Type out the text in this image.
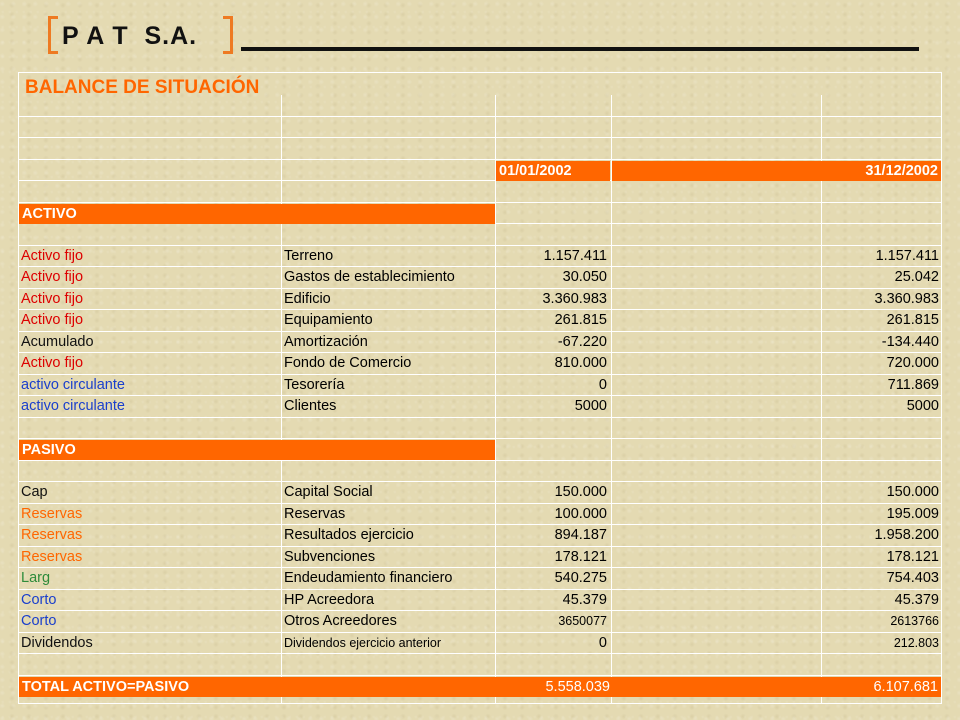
P A T  S.A.
BALANCE DE SITUACIÓN
01/01/2002	31/12/2002
ACTIVO
Activo fijo	Terreno	1.157.411	1.157.411
Activo fijo	Gastos de establecimiento	30.050	25.042
Activo fijo	Edificio	3.360.983	3.360.983
Activo fijo	Equipamiento	261.815	261.815
Acumulado	Amortización	-67.220	-134.440
Activo fijo	Fondo de Comercio	810.000	720.000
activo circulante	Tesorería	0	711.869
activo circulante	Clientes	5000	5000
PASIVO
Cap	Capital Social	150.000	150.000
Reservas	Reservas	100.000	195.009
Reservas	Resultados ejercicio	894.187	1.958.200
Reservas	Subvenciones	178.121	178.121
Larg	Endeudamiento financiero	540.275	754.403
Corto	HP Acreedora	45.379	45.379
Corto	Otros Acreedores	3650077	2613766
Dividendos	Dividendos ejercicio anterior	0	212.803
TOTAL ACTIVO=PASIVO	5.558.039	6.107.681
